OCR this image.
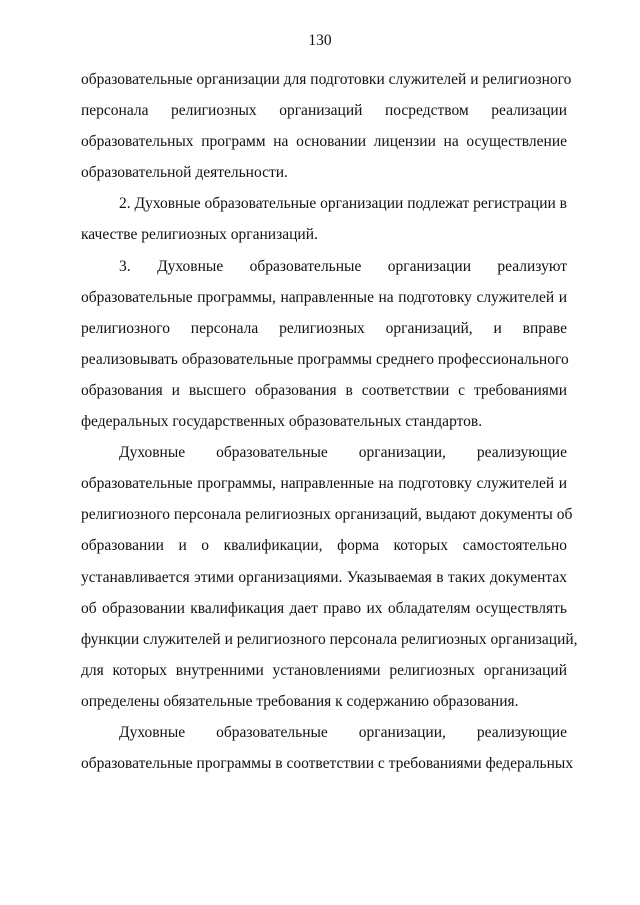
130

образовательные организации для подготовки служителей и религиозного
персонала религиозных организаций посредством реализации
образовательных программ на основании лицензии на осуществление
образовательной деятельности.

2. Духовные образовательные организации подлежат регистрации в
качестве религиозных организаций.

3. Духовные образовательные организации реализуют
образовательные программы, направленные на подготовку служителей и
религиозного персонала религиозных организаций, и вправе
реализовывать образовательные программы среднего профессионального
образования и высшего образования в соответствии с требованиями
федеральных государственных образовательных стандартов.

Духовные образовательные организации, реализующие
образовательные программы, направленные на подготовку служителей и
религиозного персонала религиозных организаций, выдают документы об
образовании и о квалификации, форма которых самостоятельно
устанавливается этими организациями. Указываемая в таких документах
об образовании квалификация дает право их обладателям осуществлять
функции служителей и религиозного персонала религиозных организаций,
для которых внутренними установлениями религиозных организаций
определены обязательные требования к содержанию образования.

Духовные образовательные организации, реализующие
образовательные программы в соответствии с требованиями федеральных
